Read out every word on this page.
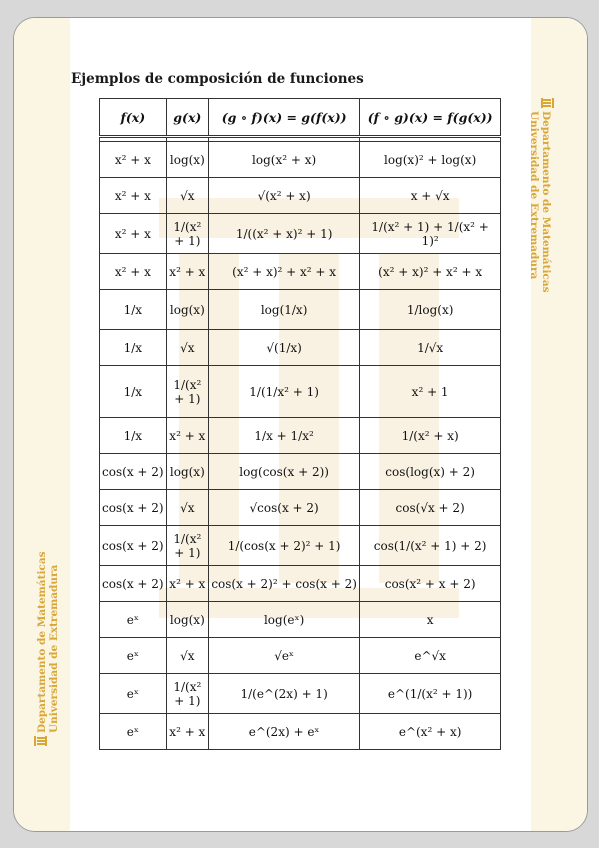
Departamento de Matemáticas
Universidad de Extremadura
Departamento de Matemáticas Universidad de Extremadura
Ejemplos de composición de funciones
f(x)	g(x)	(g ∘ f)(x) = g(f(x))	(f ∘ g)(x) = f(g(x))

x² + x	log(x)	log(x² + x)	log(x)² + log(x)
x² + x	√x	√(x² + x)	x + √x
x² + x	1/(x² + 1)	1/((x² + x)² + 1)	1/(x² + 1) + 1/(x² + 1)²
x² + x	x² + x	(x² + x)² + x² + x	(x² + x)² + x² + x
1/x	log(x)	log(1/x)	1/log(x)
1/x	√x	√(1/x)	1/√x
1/x	1/(x² + 1)	1/(1/x² + 1)	x² + 1
1/x	x² + x	1/x + 1/x²	1/(x² + x)
cos(x + 2)	log(x)	log(cos(x + 2))	cos(log(x) + 2)
cos(x + 2)	√x	√cos(x + 2)	cos(√x + 2)
cos(x + 2)	1/(x² + 1)	1/(cos(x + 2)² + 1)	cos(1/(x² + 1) + 2)
cos(x + 2)	x² + x	cos(x + 2)² + cos(x + 2)	cos(x² + x + 2)
eˣ	log(x)	log(eˣ)	x
eˣ	√x	√eˣ	e^√x
eˣ	1/(x² + 1)	1/(e^(2x) + 1)	e^(1/(x² + 1))
eˣ	x² + x	e^(2x) + eˣ	e^(x² + x)
